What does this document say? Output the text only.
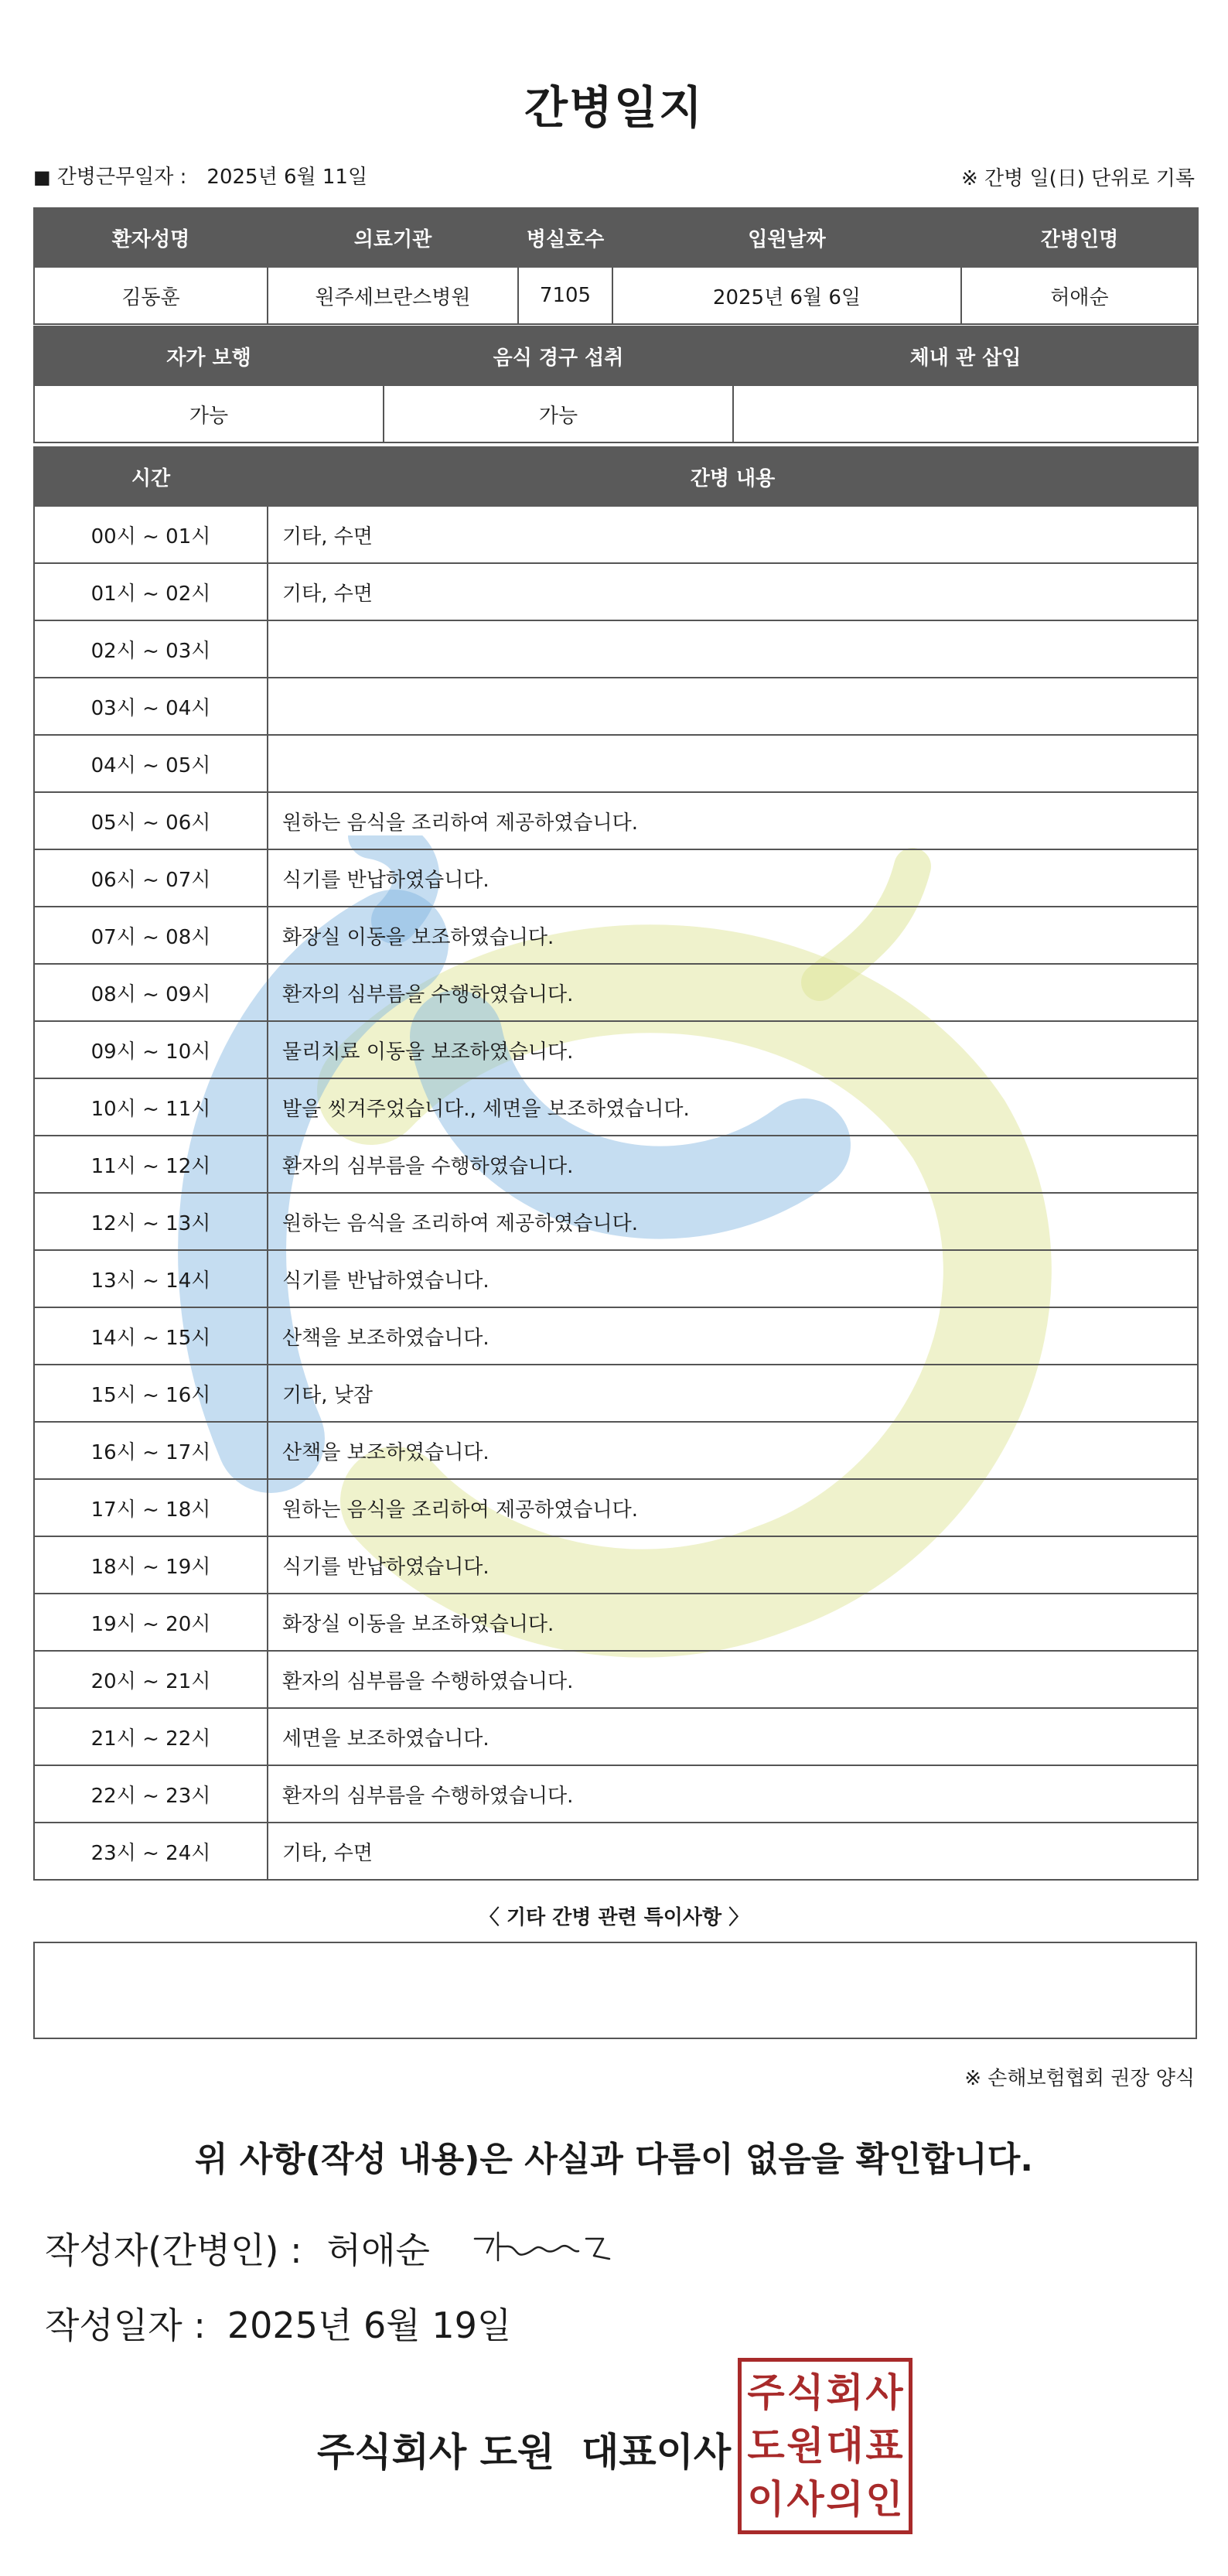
간병일지
■ 간병근무일자 : 2025년 6월 11일	※ 간병 일(日) 단위로 기록
환자성명	의료기관	병실호수	입원날짜	간병인명
김동훈	원주세브란스병원	7105	2025년 6월 6일	허애순
자가 보행	음식 경구 섭취	체내 관 삽입
가능	가능	
시간	간병 내용
00시 ~ 01시	기타, 수면
01시 ~ 02시	기타, 수면
02시 ~ 03시	
03시 ~ 04시	
04시 ~ 05시	
05시 ~ 06시	원하는 음식을 조리하여 제공하였습니다.
06시 ~ 07시	식기를 반납하였습니다.
07시 ~ 08시	화장실 이동을 보조하였습니다.
08시 ~ 09시	환자의 심부름을 수행하였습니다.
09시 ~ 10시	물리치료 이동을 보조하였습니다.
10시 ~ 11시	발을 씻겨주었습니다., 세면을 보조하였습니다.
11시 ~ 12시	환자의 심부름을 수행하였습니다.
12시 ~ 13시	원하는 음식을 조리하여 제공하였습니다.
13시 ~ 14시	식기를 반납하였습니다.
14시 ~ 15시	산책을 보조하였습니다.
15시 ~ 16시	기타, 낮잠
16시 ~ 17시	산책을 보조하였습니다.
17시 ~ 18시	원하는 음식을 조리하여 제공하였습니다.
18시 ~ 19시	식기를 반납하였습니다.
19시 ~ 20시	화장실 이동을 보조하였습니다.
20시 ~ 21시	환자의 심부름을 수행하였습니다.
21시 ~ 22시	세면을 보조하였습니다.
22시 ~ 23시	환자의 심부름을 수행하였습니다.
23시 ~ 24시	기타, 수면
〈 기타 간병 관련 특이사항 〉
※ 손해보험협회 권장 양식
위 사항(작성 내용)은 사실과 다름이 없음을 확인합니다.
작성자(간병인) : 허애순
작성일자 : 2025년 6월 19일
주식회사 도원  대표이사
주 식 회 사
도 원 대 표
이 사 의 인
